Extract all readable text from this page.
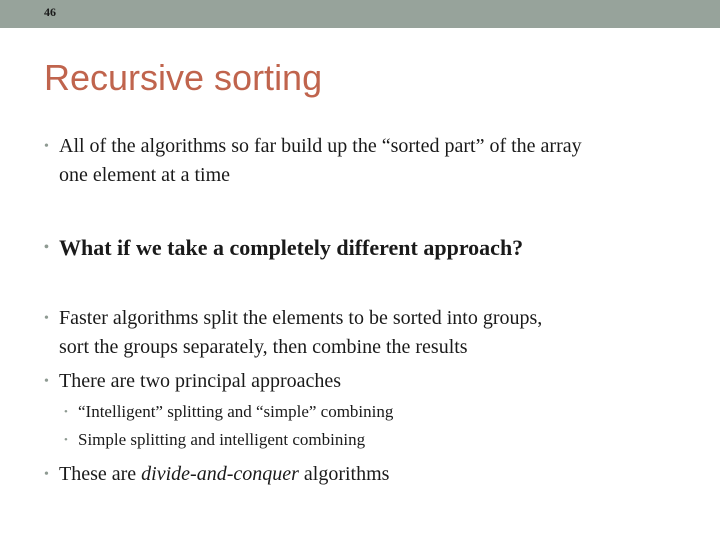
46
Recursive sorting
• All of the algorithms so far build up the “sorted part” of the array
one element at a time
• What if we take a completely different approach?
• Faster algorithms split the elements to be sorted into groups,
sort the groups separately, then combine the results
• There are two principal approaches
• “Intelligent” splitting and “simple” combining
• Simple splitting and intelligent combining
• These are divide-and-conquer algorithms
